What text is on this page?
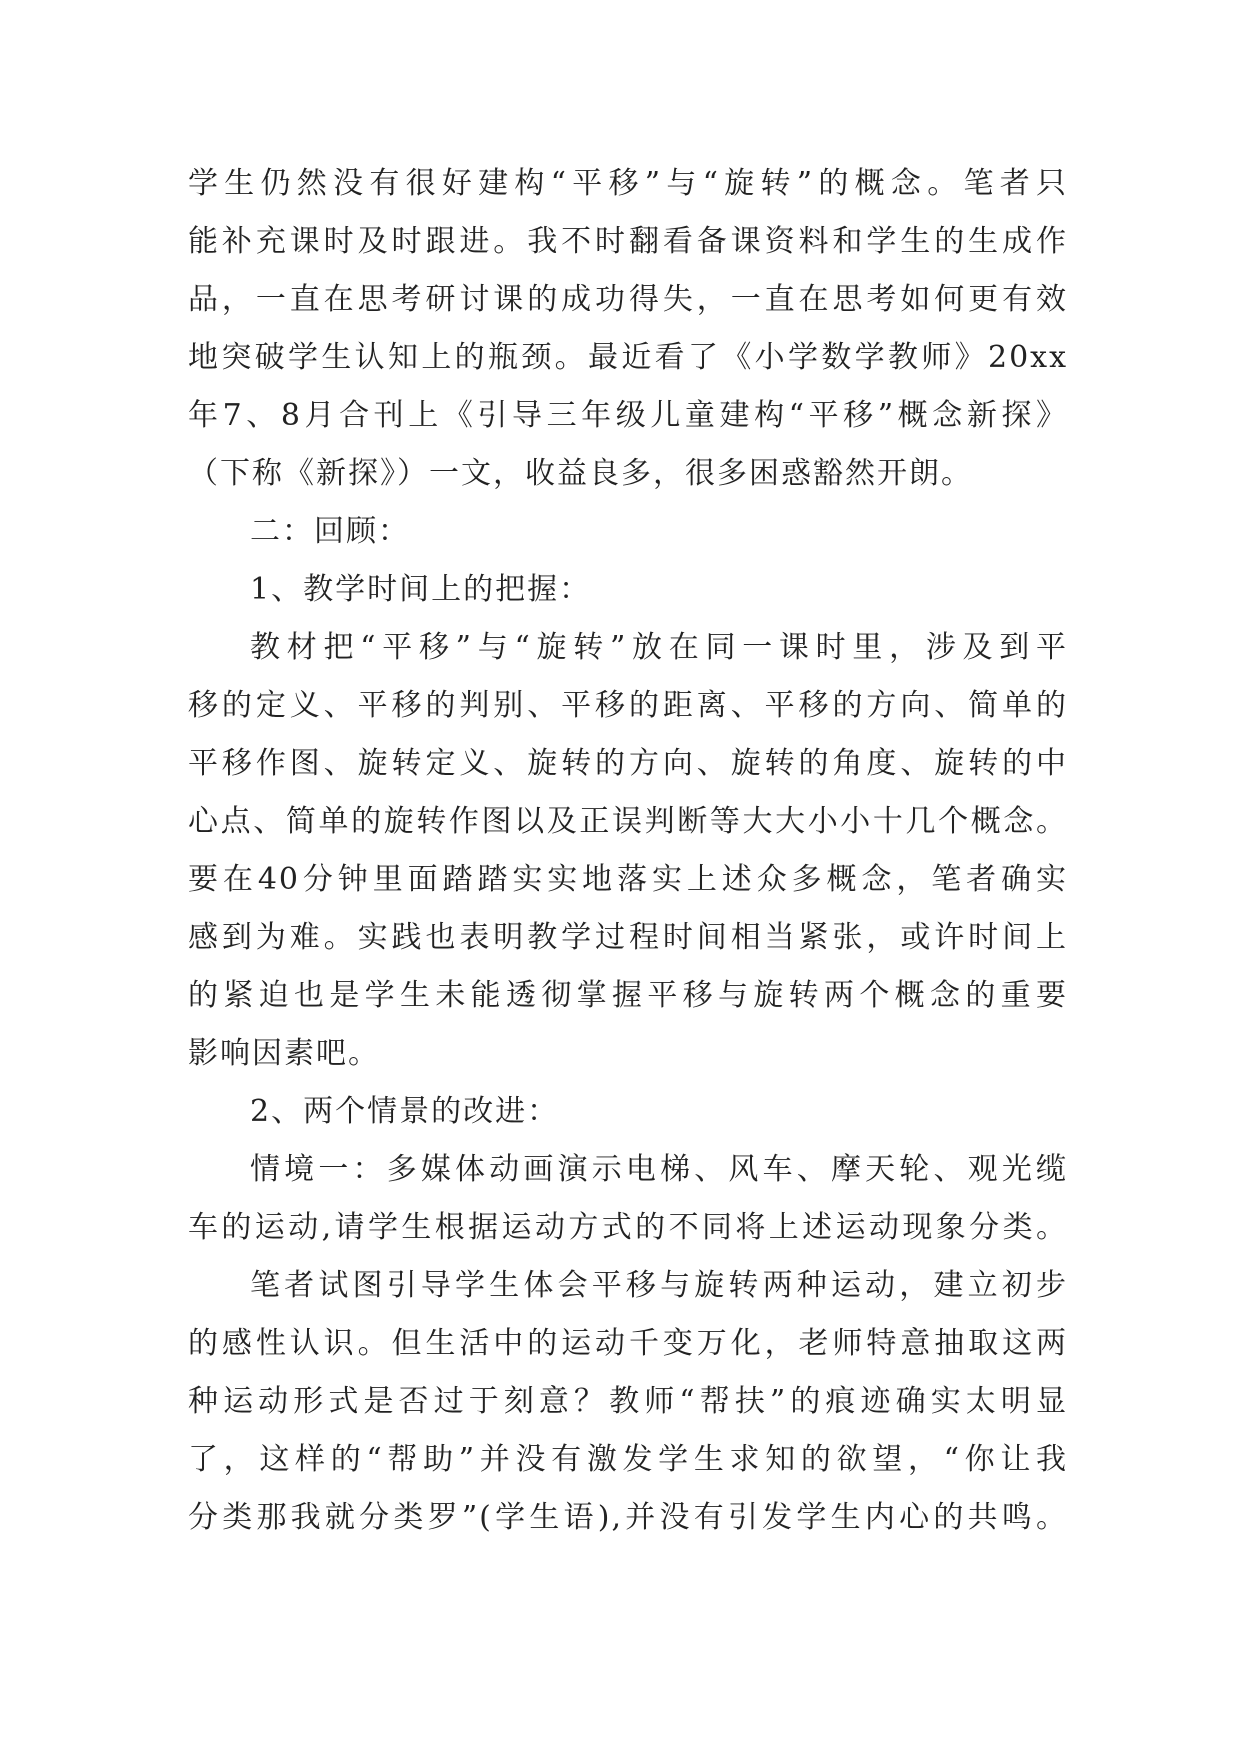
学生仍然没有很好建构“平移”与“旋转”的概念。笔者只
能补充课时及时跟进。我不时翻看备课资料和学生的生成作
品，一直在思考研讨课的成功得失，一直在思考如何更有效
地突破学生认知上的瓶颈。最近看了《小学数学教师》20xx
年7、8月合刊上《引导三年级儿童建构“平移”概念新探》
（下称《新探》）一文，收益良多，很多困惑豁然开朗。
二：回顾：
1、教学时间上的把握：
教材把“平移”与“旋转”放在同一课时里，涉及到平
移的定义、平移的判别、平移的距离、平移的方向、简单的
平移作图、旋转定义、旋转的方向、旋转的角度、旋转的中
心点、简单的旋转作图以及正误判断等大大小小十几个概念。
要在40分钟里面踏踏实实地落实上述众多概念，笔者确实
感到为难。实践也表明教学过程时间相当紧张，或许时间上
的紧迫也是学生未能透彻掌握平移与旋转两个概念的重要
影响因素吧。
2、两个情景的改进：
情境一：多媒体动画演示电梯、风车、摩天轮、观光缆
车的运动,请学生根据运动方式的不同将上述运动现象分类。
笔者试图引导学生体会平移与旋转两种运动，建立初步
的感性认识。但生活中的运动千变万化，老师特意抽取这两
种运动形式是否过于刻意？教师“帮扶”的痕迹确实太明显
了，这样的“帮助”并没有激发学生求知的欲望，“你让我
分类那我就分类罗”(学生语),并没有引发学生内心的共鸣。
